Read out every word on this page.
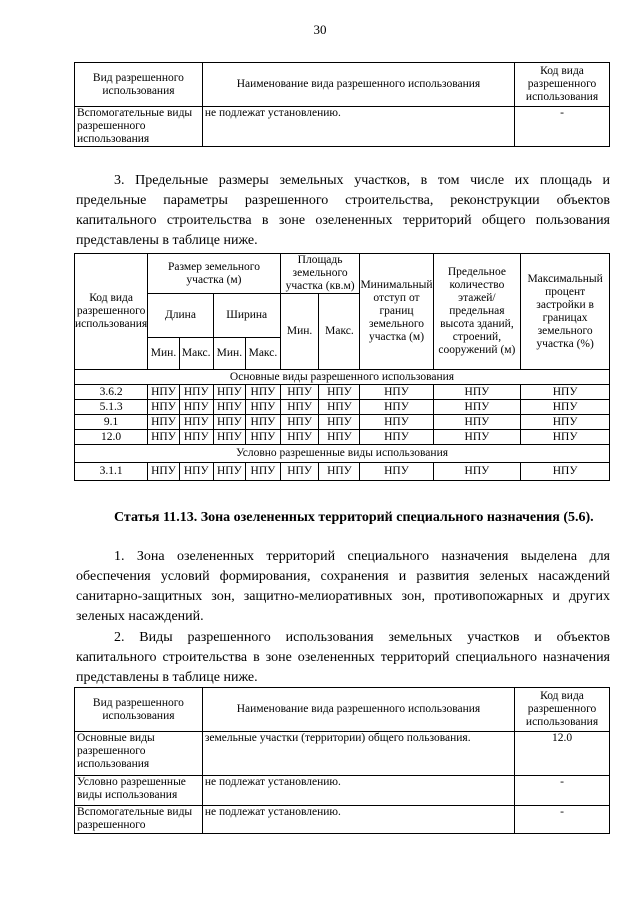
30
Вид разрешенного использования	Наименование вида разрешенного использования	Код вида разрешенного использования
Вспомогательные виды разрешенного использования	не подлежат установлению.	-
3. Предельные размеры земельных участков, в том числе их площадь и предельные параметры разрешенного строительства, реконструкции объектов капитального строительства в зоне озелененных территорий общего пользования представлены в таблице ниже.
Код вида разрешенного использования	Размер земельного участка (м)				Площадь земельного участка (кв.м)		Минимальный отступ от границ земельного участка (м)	Предельное количество этажей/ предельная высота зданий, строений, сооружений (м)	Максимальный процент застройки в границах земельного участка (%)
	Длина		Ширина		Мин.	Макс.			
	Мин.	Макс.	Мин.	Макс.					
Основные виды разрешенного использования									
3.6.2	НПУ	НПУ	НПУ	НПУ	НПУ	НПУ	НПУ	НПУ	НПУ
5.1.3	НПУ	НПУ	НПУ	НПУ	НПУ	НПУ	НПУ	НПУ	НПУ
9.1	НПУ	НПУ	НПУ	НПУ	НПУ	НПУ	НПУ	НПУ	НПУ
12.0	НПУ	НПУ	НПУ	НПУ	НПУ	НПУ	НПУ	НПУ	НПУ
Условно разрешенные виды использования									
3.1.1	НПУ	НПУ	НПУ	НПУ	НПУ	НПУ	НПУ	НПУ	НПУ
Статья 11.13. Зона озелененных территорий специального назначения (5.6).
1. Зона озелененных территорий специального назначения выделена для обеспечения условий формирования, сохранения и развития зеленых насаждений санитарно-защитных зон, защитно-мелиоративных зон, противопожарных и других зеленых насаждений.
2. Виды разрешенного использования земельных участков и объектов капитального строительства в зоне озелененных территорий специального назначения представлены в таблице ниже.
Вид разрешенного использования	Наименование вида разрешенного использования	Код вида разрешенного использования
Основные виды разрешенного использования	земельные участки (территории) общего пользования.	12.0
Условно разрешенные виды использования	не подлежат установлению.	-
Вспомогательные виды разрешенного	не подлежат установлению.	-
